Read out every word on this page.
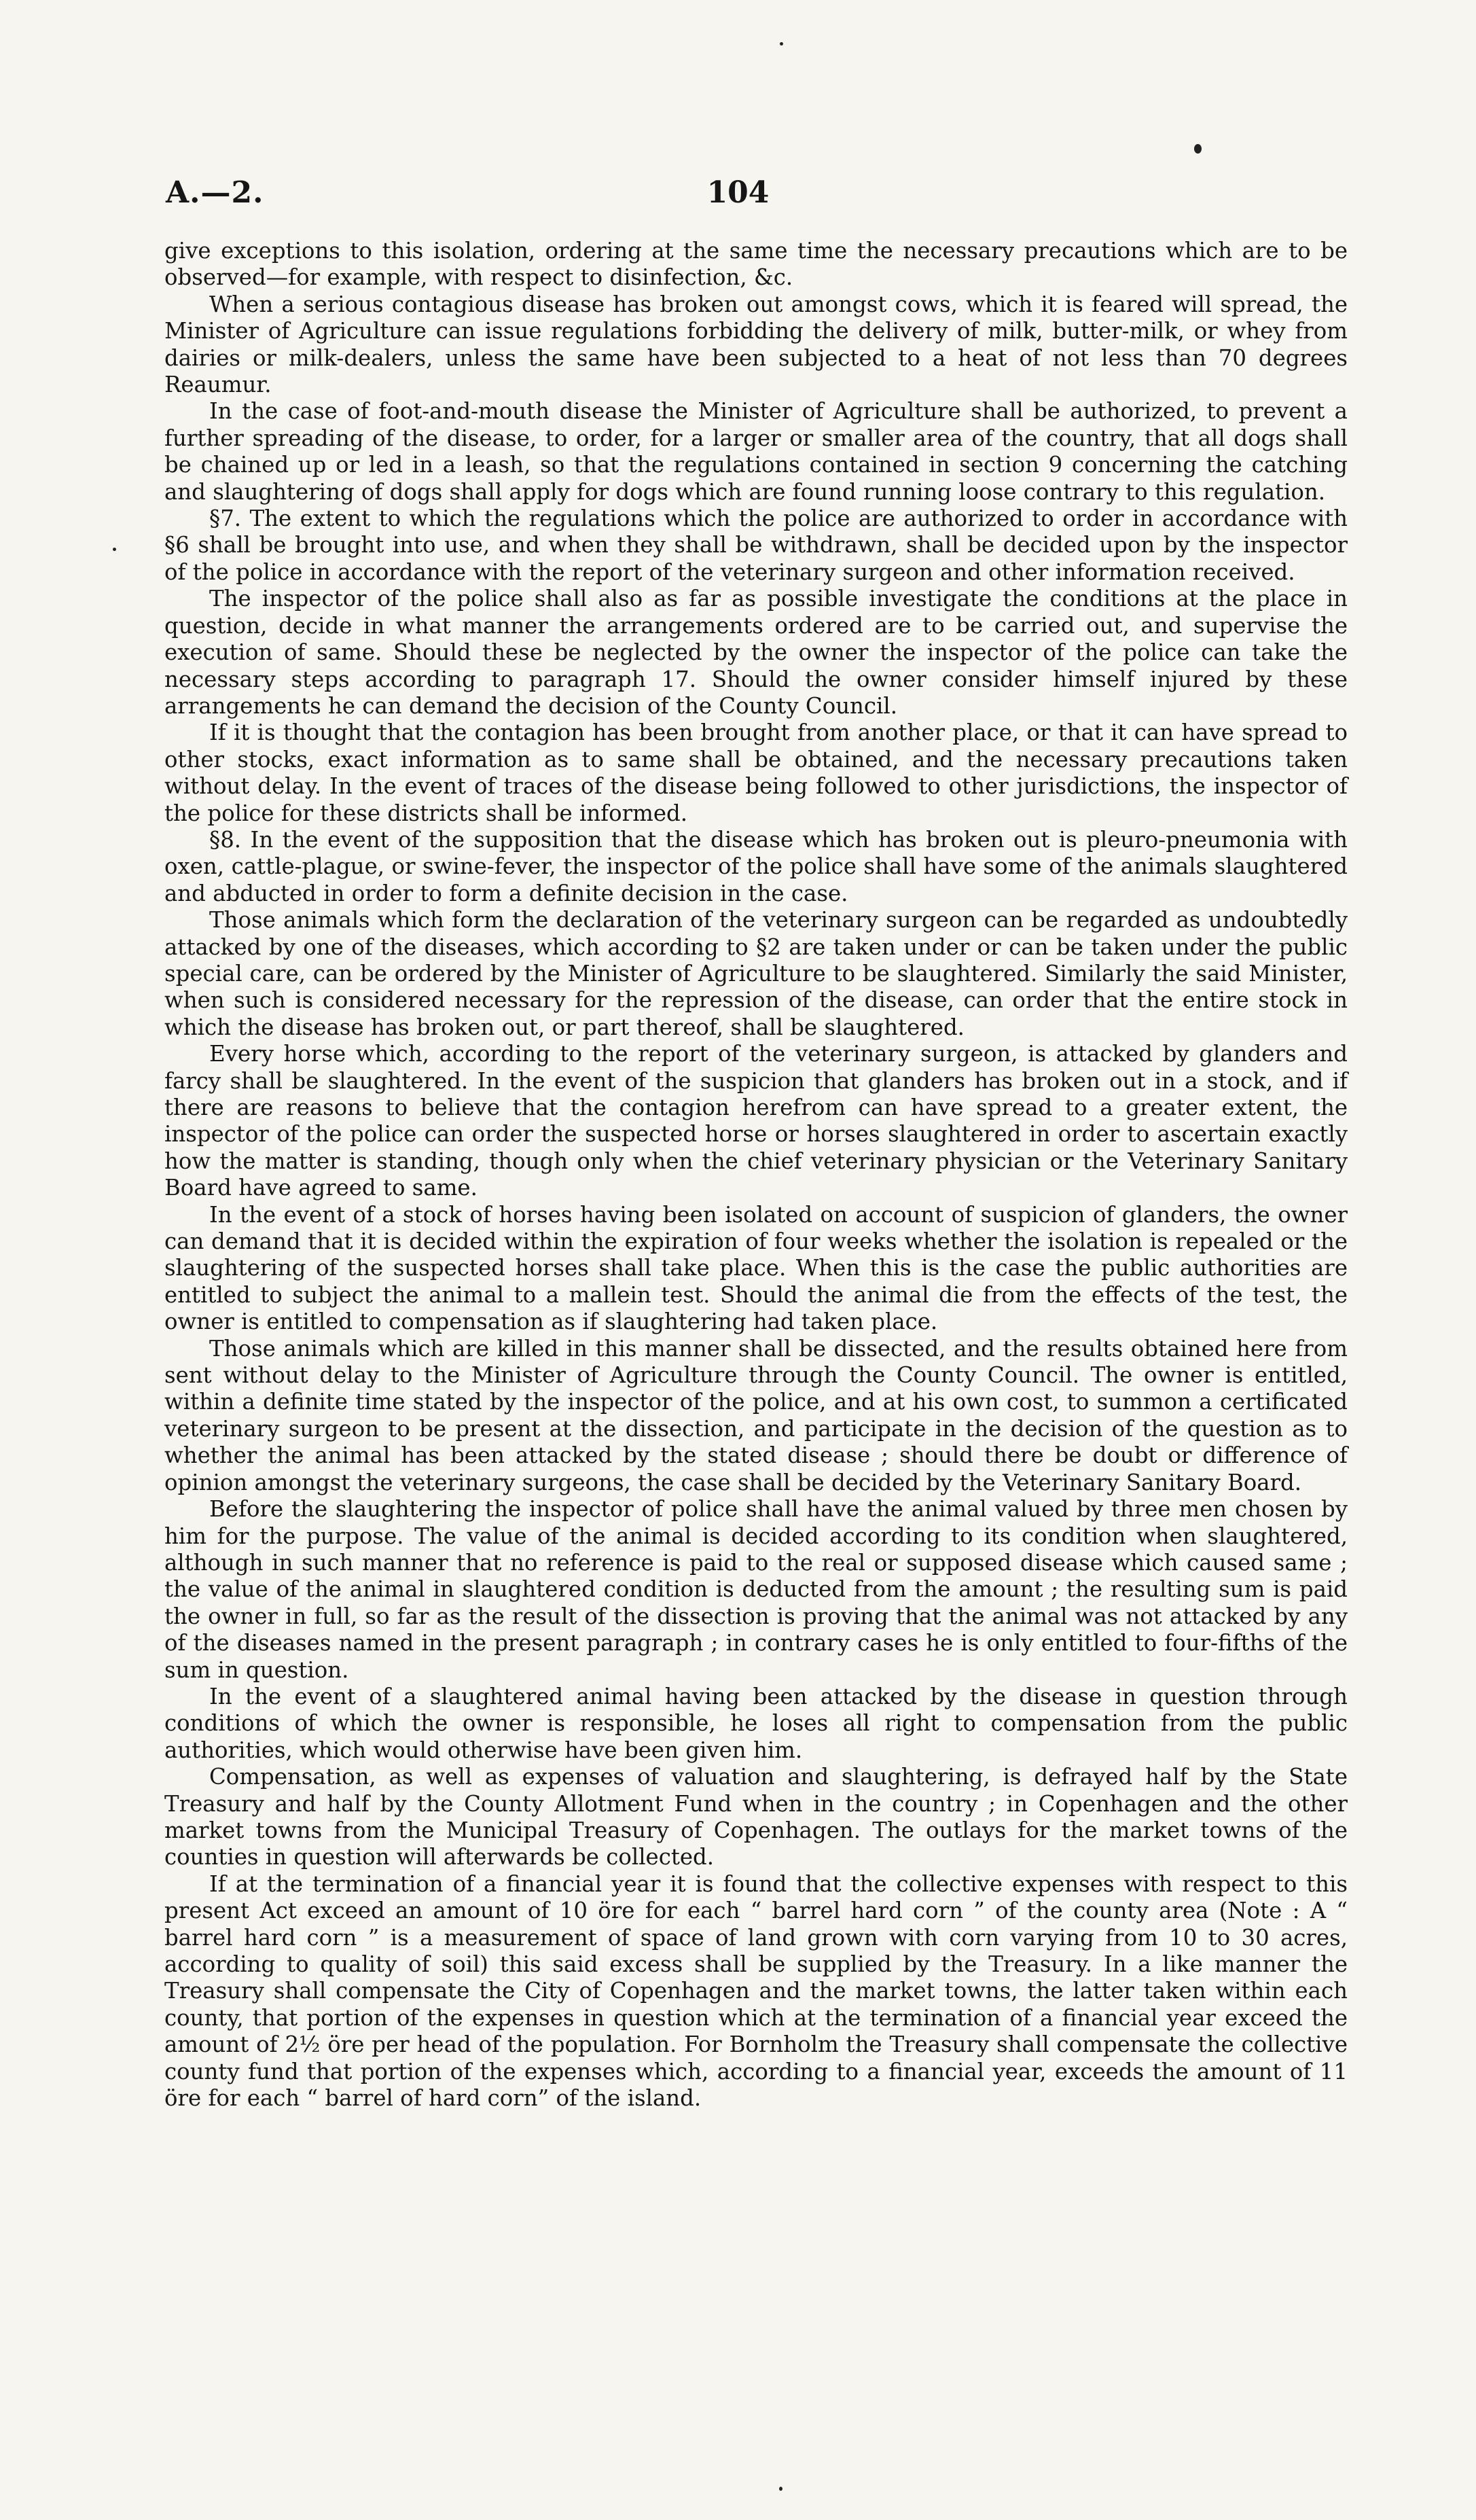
A.—2.	104

give exceptions to this isolation, ordering at the same time the necessary precautions which are to be observed—for example, with respect to disinfection, &c.

When a serious contagious disease has broken out amongst cows, which it is feared will spread, the Minister of Agriculture can issue regulations forbidding the delivery of milk, butter-milk, or whey from dairies or milk-dealers, unless the same have been subjected to a heat of not less than 70 degrees Reaumur.

In the case of foot-and-mouth disease the Minister of Agriculture shall be authorized, to prevent a further spreading of the disease, to order, for a larger or smaller area of the country, that all dogs shall be chained up or led in a leash, so that the regulations contained in section 9 concerning the catching and slaughtering of dogs shall apply for dogs which are found running loose contrary to this regulation.

§7. The extent to which the regulations which the police are authorized to order in accordance with §6 shall be brought into use, and when they shall be withdrawn, shall be decided upon by the inspector of the police in accordance with the report of the veterinary surgeon and other information received.

The inspector of the police shall also as far as possible investigate the conditions at the place in question, decide in what manner the arrangements ordered are to be carried out, and supervise the execution of same. Should these be neglected by the owner the inspector of the police can take the necessary steps according to paragraph 17. Should the owner consider himself injured by these arrangements he can demand the decision of the County Council.

If it is thought that the contagion has been brought from another place, or that it can have spread to other stocks, exact information as to same shall be obtained, and the necessary precautions taken without delay. In the event of traces of the disease being followed to other jurisdictions, the inspector of the police for these districts shall be informed.

§8. In the event of the supposition that the disease which has broken out is pleuro-pneumonia with oxen, cattle-plague, or swine-fever, the inspector of the police shall have some of the animals slaughtered and abducted in order to form a definite decision in the case.

Those animals which form the declaration of the veterinary surgeon can be regarded as undoubtedly attacked by one of the diseases, which according to §2 are taken under or can be taken under the public special care, can be ordered by the Minister of Agriculture to be slaughtered. Similarly the said Minister, when such is considered necessary for the repression of the disease, can order that the entire stock in which the disease has broken out, or part thereof, shall be slaughtered.

Every horse which, according to the report of the veterinary surgeon, is attacked by glanders and farcy shall be slaughtered. In the event of the suspicion that glanders has broken out in a stock, and if there are reasons to believe that the contagion herefrom can have spread to a greater extent, the inspector of the police can order the suspected horse or horses slaughtered in order to ascertain exactly how the matter is standing, though only when the chief veterinary physician or the Veterinary Sanitary Board have agreed to same.

In the event of a stock of horses having been isolated on account of suspicion of glanders, the owner can demand that it is decided within the expiration of four weeks whether the isolation is repealed or the slaughtering of the suspected horses shall take place. When this is the case the public authorities are entitled to subject the animal to a mallein test. Should the animal die from the effects of the test, the owner is entitled to compensation as if slaughtering had taken place.

Those animals which are killed in this manner shall be dissected, and the results obtained here from sent without delay to the Minister of Agriculture through the County Council. The owner is entitled, within a definite time stated by the inspector of the police, and at his own cost, to summon a certificated veterinary surgeon to be present at the dissection, and participate in the decision of the question as to whether the animal has been attacked by the stated disease ; should there be doubt or difference of opinion amongst the veterinary surgeons, the case shall be decided by the Veterinary Sanitary Board.

Before the slaughtering the inspector of police shall have the animal valued by three men chosen by him for the purpose. The value of the animal is decided according to its condition when slaughtered, although in such manner that no reference is paid to the real or supposed disease which caused same ; the value of the animal in slaughtered condition is deducted from the amount ; the resulting sum is paid the owner in full, so far as the result of the dissection is proving that the animal was not attacked by any of the diseases named in the present paragraph ; in contrary cases he is only entitled to four-fifths of the sum in question.

In the event of a slaughtered animal having been attacked by the disease in question through conditions of which the owner is responsible, he loses all right to compensation from the public authorities, which would otherwise have been given him.

Compensation, as well as expenses of valuation and slaughtering, is defrayed half by the State Treasury and half by the County Allotment Fund when in the country ; in Copenhagen and the other market towns from the Municipal Treasury of Copenhagen. The outlays for the market towns of the counties in question will afterwards be collected.

If at the termination of a financial year it is found that the collective expenses with respect to this present Act exceed an amount of 10 öre for each “ barrel hard corn ” of the county area (Note : A “ barrel hard corn ” is a measurement of space of land grown with corn varying from 10 to 30 acres, according to quality of soil) this said excess shall be supplied by the Treasury. In a like manner the Treasury shall compensate the City of Copenhagen and the market towns, the latter taken within each county, that portion of the expenses in question which at the termination of a financial year exceed the amount of 2½ öre per head of the population. For Bornholm the Treasury shall compensate the collective county fund that portion of the expenses which, according to a financial year, exceeds the amount of 11 öre for each “ barrel of hard corn” of the island.
